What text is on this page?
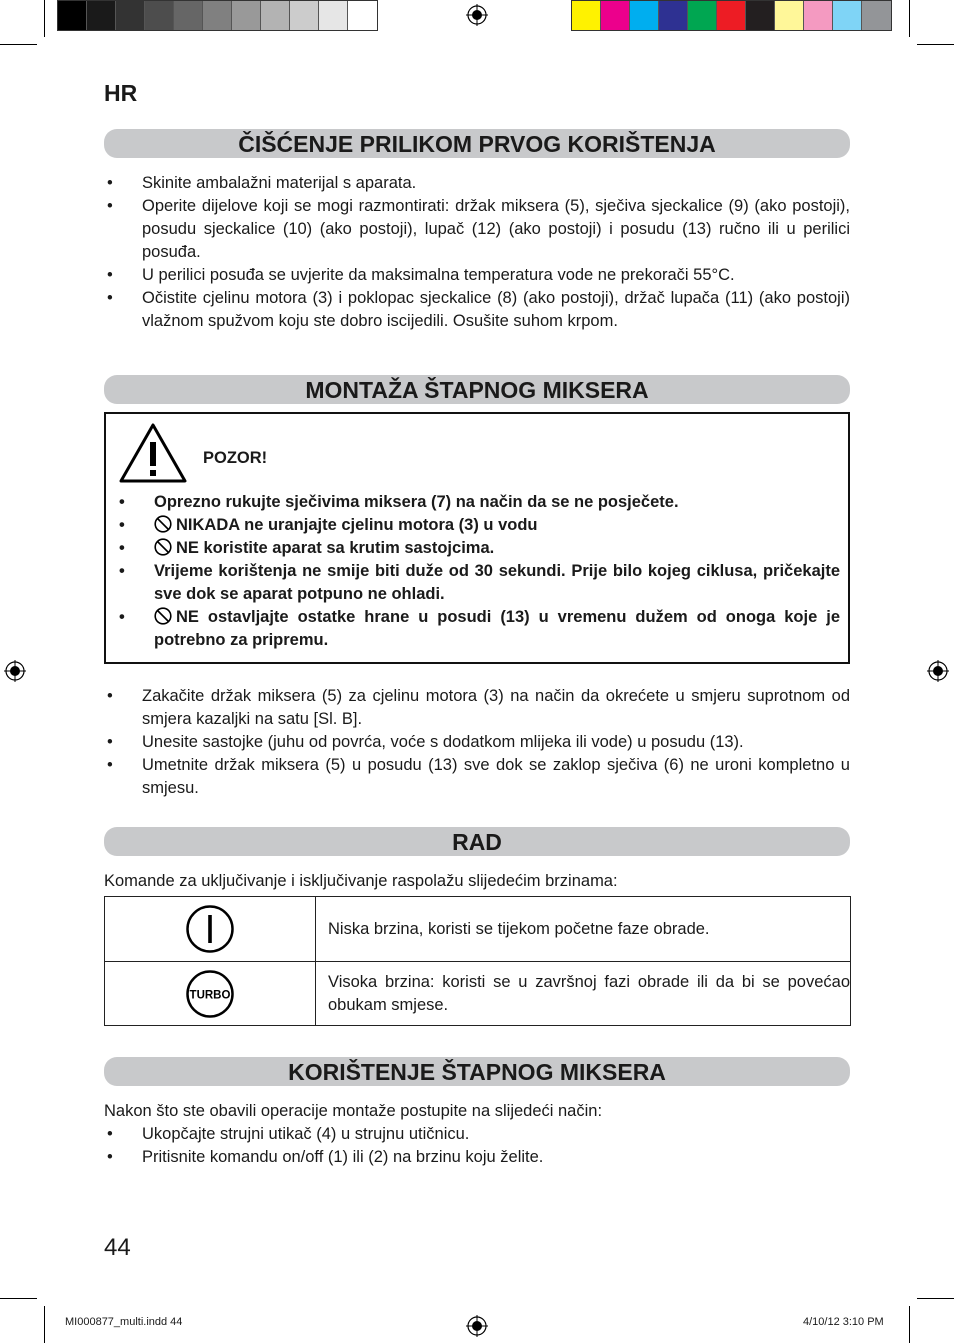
HR
ČIŠĆENJE PRILIKOM PRVOG KORIŠTENJA
• Skinite ambalažni materijal s aparata.
• Operite dijelove koji se mogi razmontirati: držak miksera (5), sječiva sjeckalice (9) (ako postoji), posudu sjeckalice (10) (ako postoji), lupač (12) (ako postoji) i posudu (13) ručno ili u perilici posuđa.
• U perilici posuđa se uvjerite da maksimalna temperatura vode ne prekorači 55°C.
• Očistite cjelinu motora (3) i poklopac sjeckalice (8) (ako postoji), držač lupača (11) (ako postoji) vlažnom spužvom koju ste dobro iscijedili. Osušite suhom krpom.
MONTAŽA ŠTAPNOG MIKSERA
POZOR!
• Oprezno rukujte sječivima miksera (7) na način da se ne posječete.
• NIKADA ne uranjajte cjelinu motora (3) u vodu
• NE koristite aparat sa krutim sastojcima.
• Vrijeme korištenja ne smije biti duže od 30 sekundi. Prije bilo kojeg ciklusa, pričekajte sve dok se aparat potpuno ne ohladi.
• NE ostavljajte ostatke hrane u posudi (13) u vremenu dužem od onoga koje je potrebno za pripremu.
• Zakačite držak miksera (5) za cjelinu motora (3) na način da okrećete u smjeru suprotnom od smjera kazaljki na satu [Sl. B].
• Unesite sastojke (juhu od povrća, voće s dodatkom mlijeka ili vode) u posudu (13).
• Umetnite držak miksera (5) u posudu (13) sve dok se zaklop sječiva (6) ne uroni kompletno u smjesu.
RAD
Komande za uključivanje i isključivanje raspolažu slijedećim brzinama:
	Niska brzina, koristi se tijekom početne faze obrade.

TURBO	Visoka brzina: koristi se u završnoj fazi obrade ili da bi se povećao obukam smjese.
KORIŠTENJE ŠTAPNOG MIKSERA
Nakon što ste obavili operacije montaže postupite na slijedeći način:
• Ukopčajte strujni utikač (4) u strujnu utičnicu.
• Pritisnite komandu on/off (1) ili (2) na brzinu koju želite.
44
MI000877_multi.indd 44	4/10/12 3:10 PM
